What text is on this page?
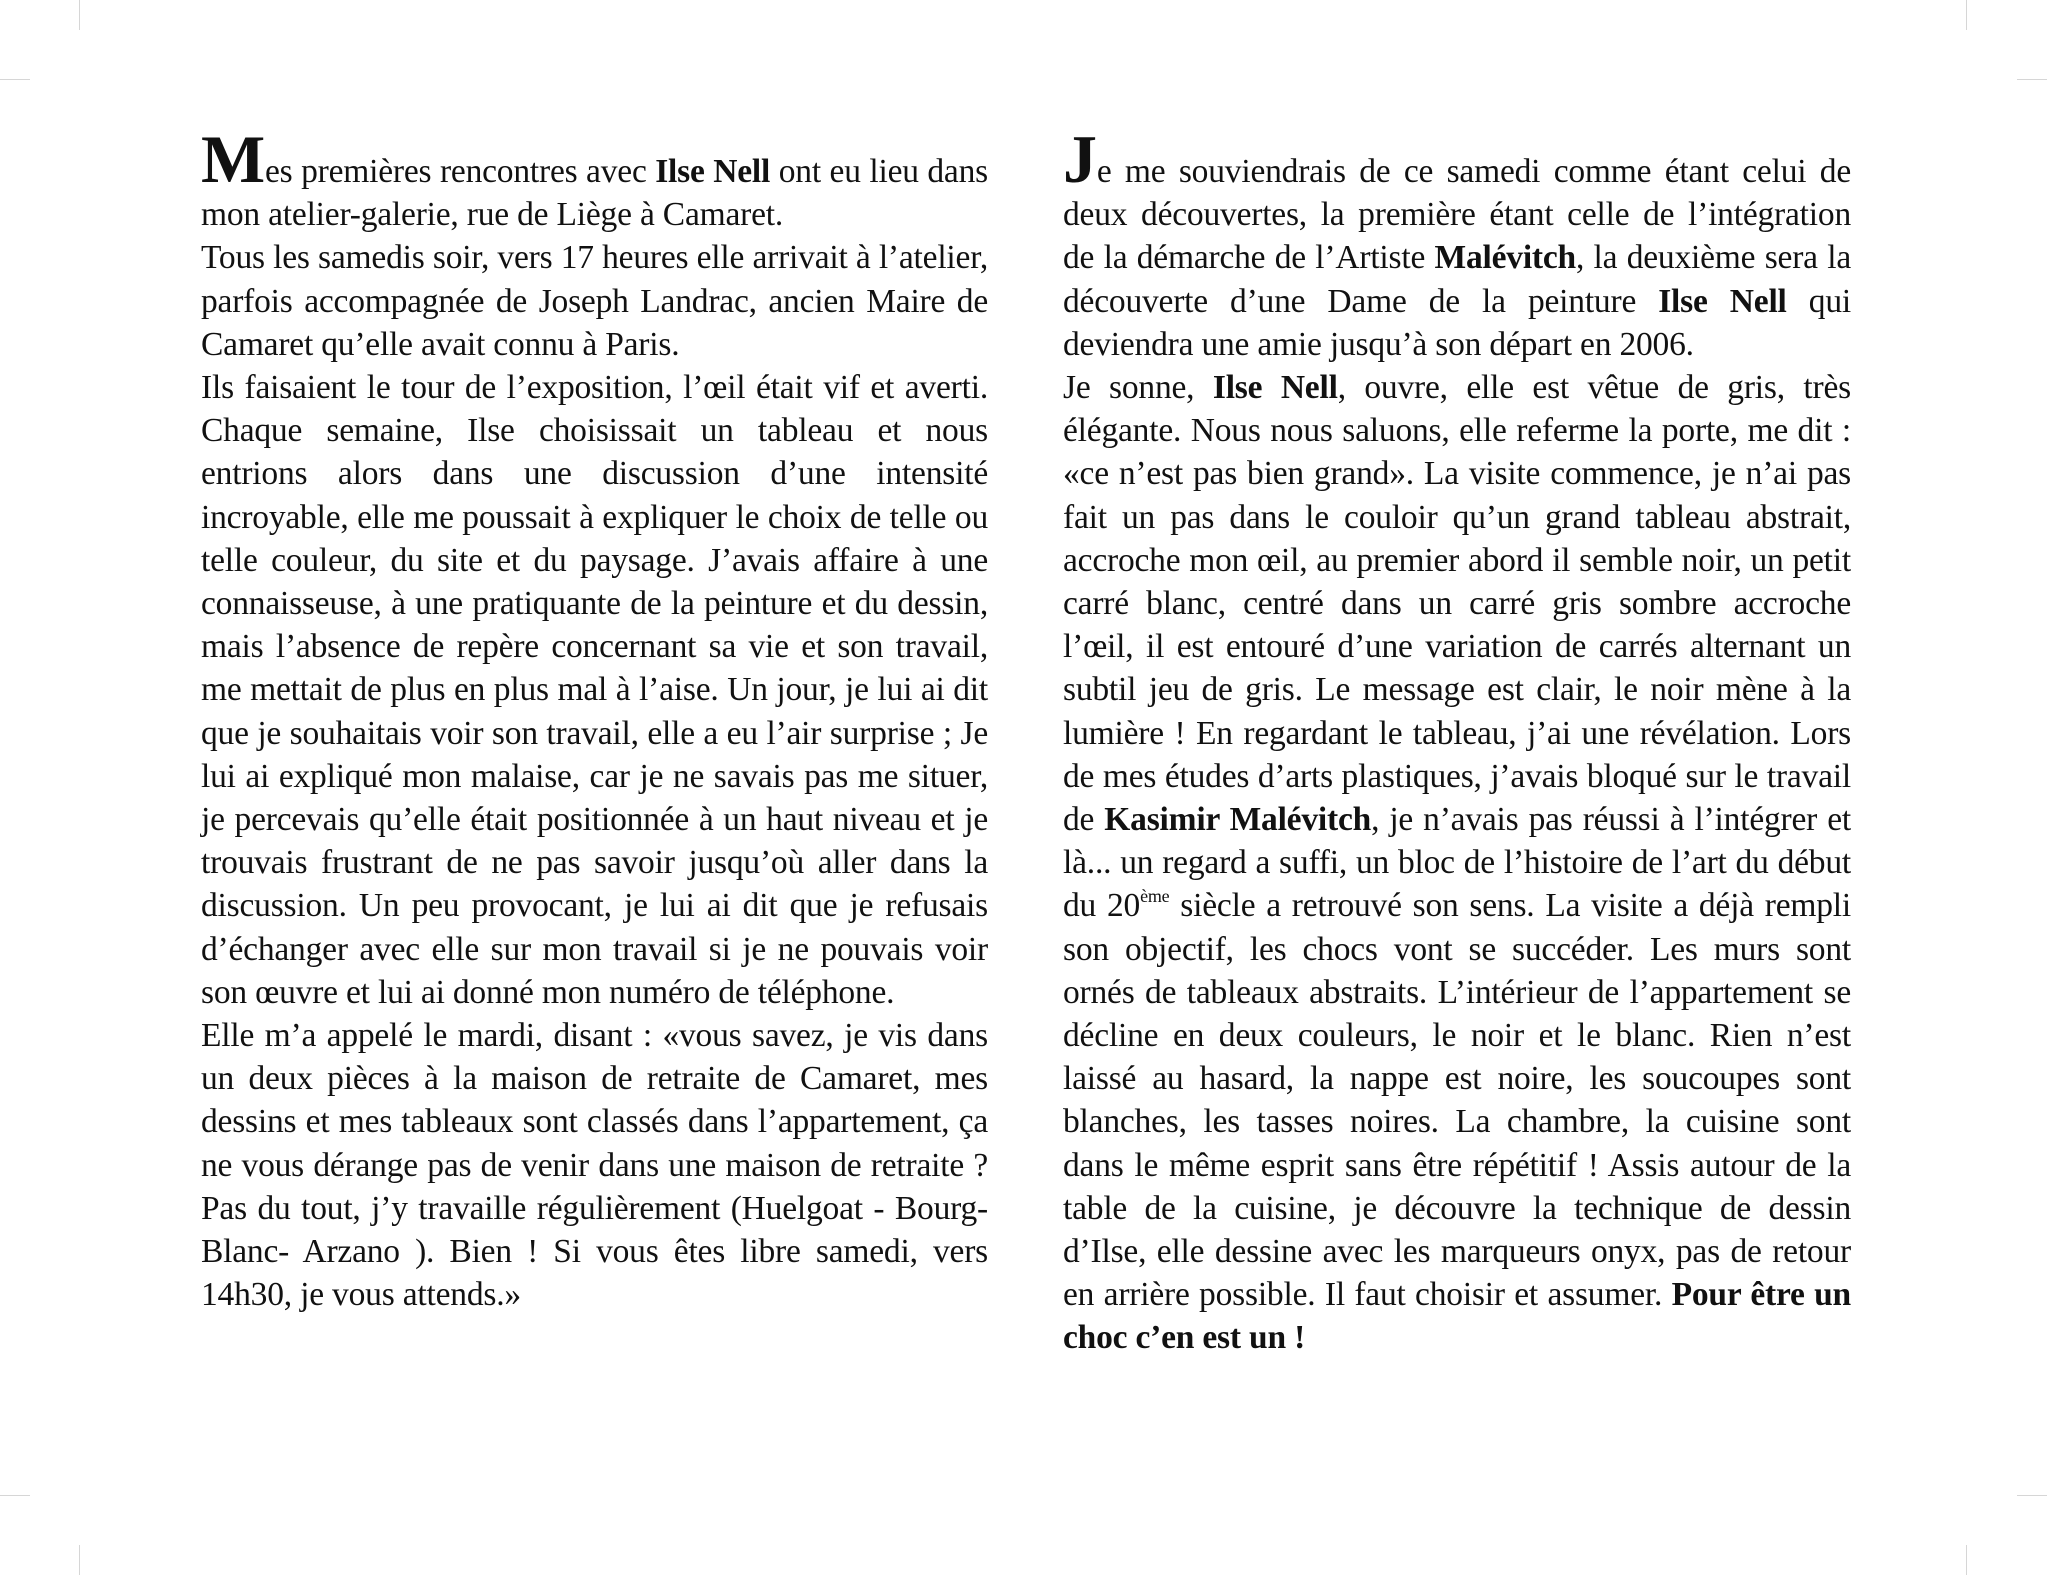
Mes premières rencontres avec Ilse Nell ont eu lieu dans mon atelier-galerie, rue de Liège à Camaret.

Tous les samedis soir, vers 17 heures elle arrivait à l’atelier, parfois accompagnée de Joseph Landrac, ancien Maire de Camaret qu’elle avait connu à Paris.

Ils faisaient le tour de l’exposition, l’œil était vif et averti. Chaque semaine, Ilse choisissait un tableau et nous entrions alors dans une discussion d’une intensité incroyable, elle me poussait à expliquer le choix de telle ou telle couleur, du site et du paysage. J’avais affaire à une connaisseuse, à une pratiquante de la peinture et du dessin, mais l’absence de repère concernant sa vie et son travail, me mettait de plus en plus mal à l’aise. Un jour, je lui ai dit que je souhaitais voir son travail, elle a eu l’air surprise ; Je lui ai expliqué mon malaise, car je ne savais pas me situer, je percevais qu’elle était positionnée à un haut niveau et je trouvais frustrant de ne pas savoir jusqu’où aller dans la discussion. Un peu provocant, je lui ai dit que je refusais d’échanger avec elle sur mon travail si je ne pouvais voir son œuvre et lui ai donné mon numéro de téléphone.

Elle m’a appelé le mardi, disant : «vous savez, je vis dans un deux pièces à la maison de retraite de Camaret, mes dessins et mes tableaux sont classés dans l’appartement, ça ne vous dérange pas de venir dans une maison de retraite ? Pas du tout, j’y travaille régulièrement (Huelgoat - Bourg-Blanc- Arzano ). Bien ! Si vous êtes libre samedi, vers 14h30, je vous attends.»

Je me souviendrais de ce samedi comme étant celui de deux découvertes, la première étant celle de l’intégration de la démarche de l’Artiste Malévitch, la deuxième sera la découverte d’une Dame de la peinture Ilse Nell qui deviendra une amie jusqu’à son départ en 2006.

Je sonne, Ilse Nell, ouvre, elle est vêtue de gris, très élégante. Nous nous saluons, elle referme la porte, me dit : «ce n’est pas bien grand». La visite commence, je n’ai pas fait un pas dans le couloir qu’un grand tableau abstrait, accroche mon œil, au premier abord il semble noir, un petit carré blanc, centré dans un carré gris sombre accroche l’œil, il est entouré d’une variation de carrés alternant un subtil jeu de gris. Le message est clair, le noir mène à la lumière ! En regardant le tableau, j’ai une révélation. Lors de mes études d’arts plastiques, j’avais bloqué sur le travail de Kasimir Malévitch, je n’avais pas réussi à l’intégrer et là... un regard a suffi, un bloc de l’histoire de l’art du début du 20ème siècle a retrouvé son sens. La visite a déjà rempli son objectif, les chocs vont se succéder. Les murs sont ornés de tableaux abstraits. L’intérieur de l’appartement se décline en deux couleurs, le noir et le blanc. Rien n’est laissé au hasard, la nappe est noire, les soucoupes sont blanches, les tasses noires. La chambre, la cuisine sont dans le même esprit sans être répétitif ! Assis autour de la table de la cuisine, je découvre la technique de dessin d’Ilse, elle dessine avec les marqueurs onyx, pas de retour en arrière possible. Il faut choisir et assumer. Pour être un choc c’en est un !
